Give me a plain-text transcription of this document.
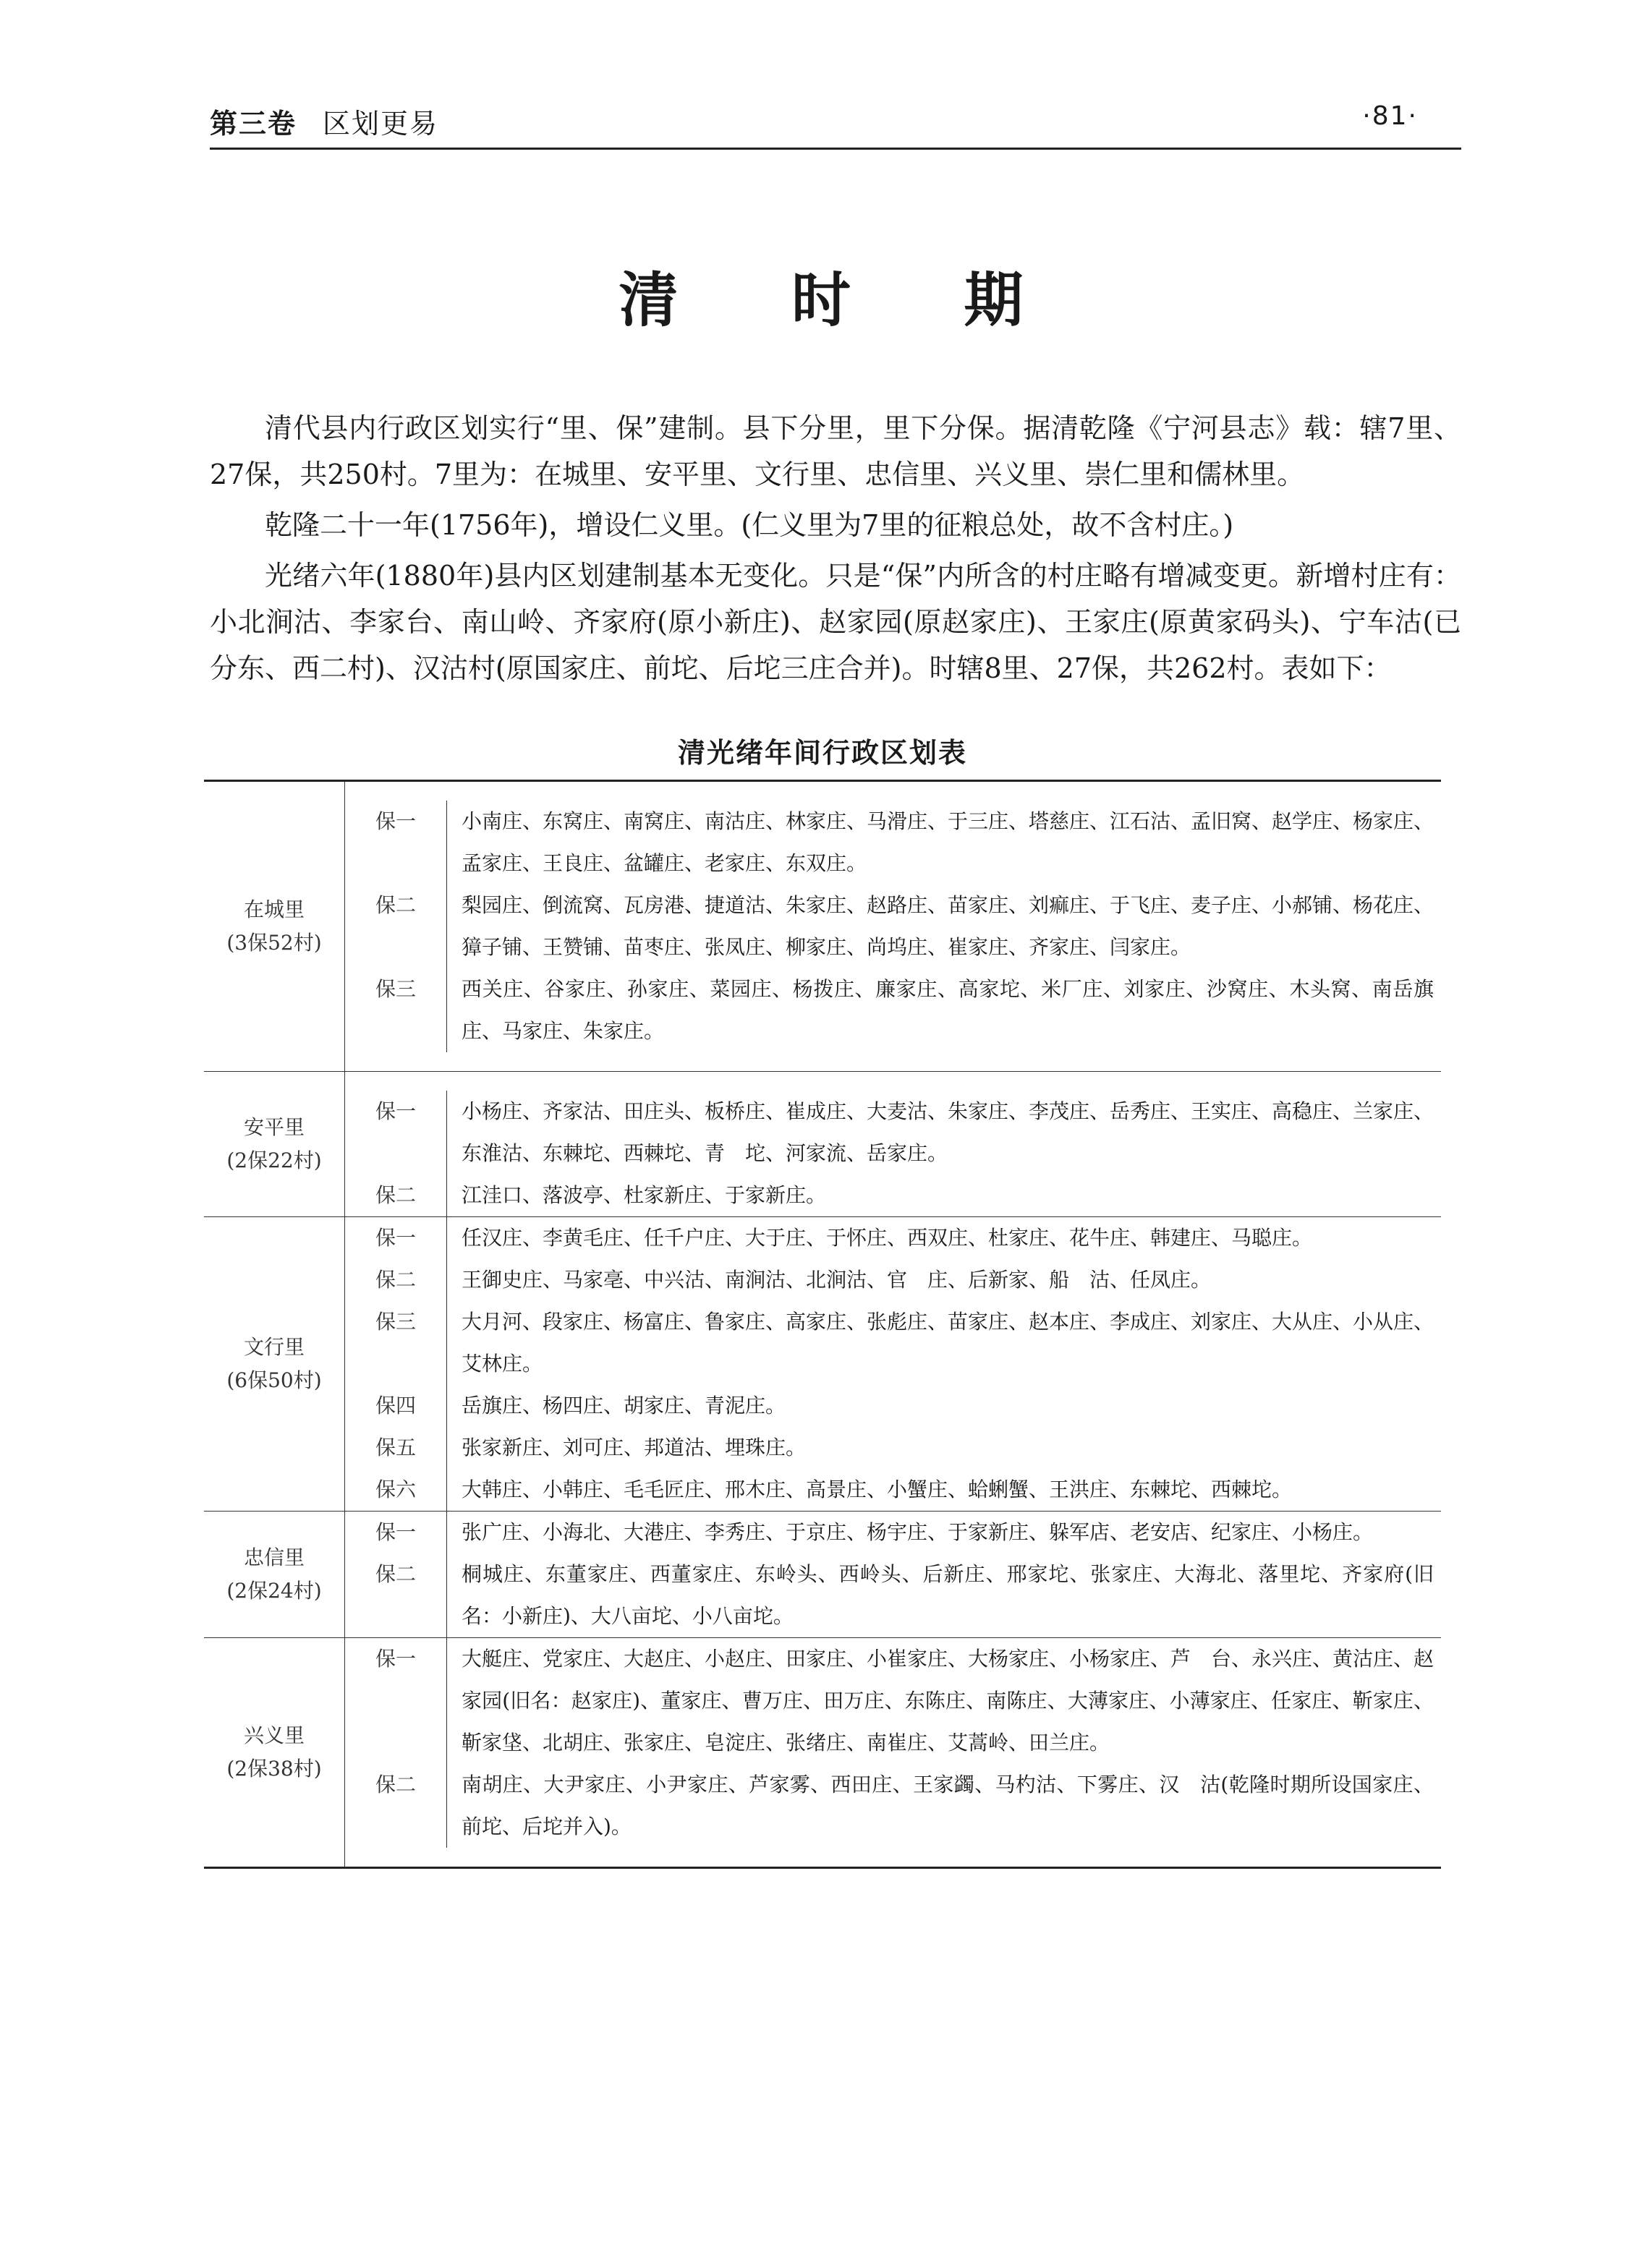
第三卷 区划更易	·81·
清 时 期

清代县内行政区划实行“里、保”建制。县下分里，里下分保。据清乾隆《宁河县志》载：辖7里、27保，共250村。7里为：在城里、安平里、文行里、忠信里、兴义里、崇仁里和儒林里。

乾隆二十一年(1756年)，增设仁义里。(仁义里为7里的征粮总处，故不含村庄。)

光绪六年(1880年)县内区划建制基本无变化。只是“保”内所含的村庄略有增减变更。新增村庄有：小北涧沽、李家台、南山岭、齐家府(原小新庄)、赵家园(原赵家庄)、王家庄(原黄家码头)、宁车沽(已分东、西二村)、汉沽村(原国家庄、前坨、后坨三庄合并)。时辖8里、27保，共262村。表如下：

清光绪年间行政区划表
在城里
(3保52村)
保一	小南庄、东窝庄、南窝庄、南沽庄、林家庄、马滑庄、于三庄、塔慈庄、江石沽、孟旧窝、赵学庄、杨家庄、孟家庄、王良庄、盆罐庄、老家庄、东双庄。
保二	梨园庄、倒流窝、瓦房港、捷道沽、朱家庄、赵路庄、苗家庄、刘痲庄、于飞庄、麦子庄、小郝铺、杨花庄、獐子铺、王赞铺、苗枣庄、张凤庄、柳家庄、尚坞庄、崔家庄、齐家庄、闫家庄。
保三	西关庄、谷家庄、孙家庄、菜园庄、杨拨庄、廉家庄、高家坨、米厂庄、刘家庄、沙窝庄、木头窝、南岳旗庄、马家庄、朱家庄。
安平里
(2保22村)
保一	小杨庄、齐家沽、田庄头、板桥庄、崔成庄、大麦沽、朱家庄、李茂庄、岳秀庄、王实庄、高稳庄、兰家庄、东淮沽、东棘坨、西棘坨、青　坨、河家流、岳家庄。
保二	江洼口、落波亭、杜家新庄、于家新庄。
文行里
(6保50村)
保一	任汉庄、李黄毛庄、任千户庄、大于庄、于怀庄、西双庄、杜家庄、花牛庄、韩建庄、马聪庄。
保二	王御史庄、马家亳、中兴沽、南涧沽、北涧沽、官　庄、后新家、船　沽、任凤庄。
保三	大月河、段家庄、杨富庄、鲁家庄、高家庄、张彪庄、苗家庄、赵本庄、李成庄、刘家庄、大从庄、小从庄、艾林庄。
保四	岳旗庄、杨四庄、胡家庄、青泥庄。
保五	张家新庄、刘可庄、邦道沽、埋珠庄。
保六	大韩庄、小韩庄、毛毛匠庄、邢木庄、高景庄、小蟹庄、蛤蜊蟹、王洪庄、东棘坨、西棘坨。
忠信里
(2保24村)
保一	张广庄、小海北、大港庄、李秀庄、于京庄、杨宇庄、于家新庄、躲军店、老安店、纪家庄、小杨庄。
保二	桐城庄、东董家庄、西董家庄、东岭头、西岭头、后新庄、邢家坨、张家庄、大海北、落里坨、齐家府(旧名：小新庄)、大八亩坨、小八亩坨。
兴义里
(2保38村)
保一	大艇庄、党家庄、大赵庄、小赵庄、田家庄、小崔家庄、大杨家庄、小杨家庄、芦　台、永兴庄、黄沽庄、赵家园(旧名：赵家庄)、董家庄、曹万庄、田万庄、东陈庄、南陈庄、大薄家庄、小薄家庄、任家庄、靳家庄、靳家垡、北胡庄、张家庄、皂淀庄、张绪庄、南崔庄、艾蒿岭、田兰庄。
保二	南胡庄、大尹家庄、小尹家庄、芦家雾、西田庄、王家蠲、马杓沽、下雾庄、汉　沽(乾隆时期所设国家庄、前坨、后坨并入)。
